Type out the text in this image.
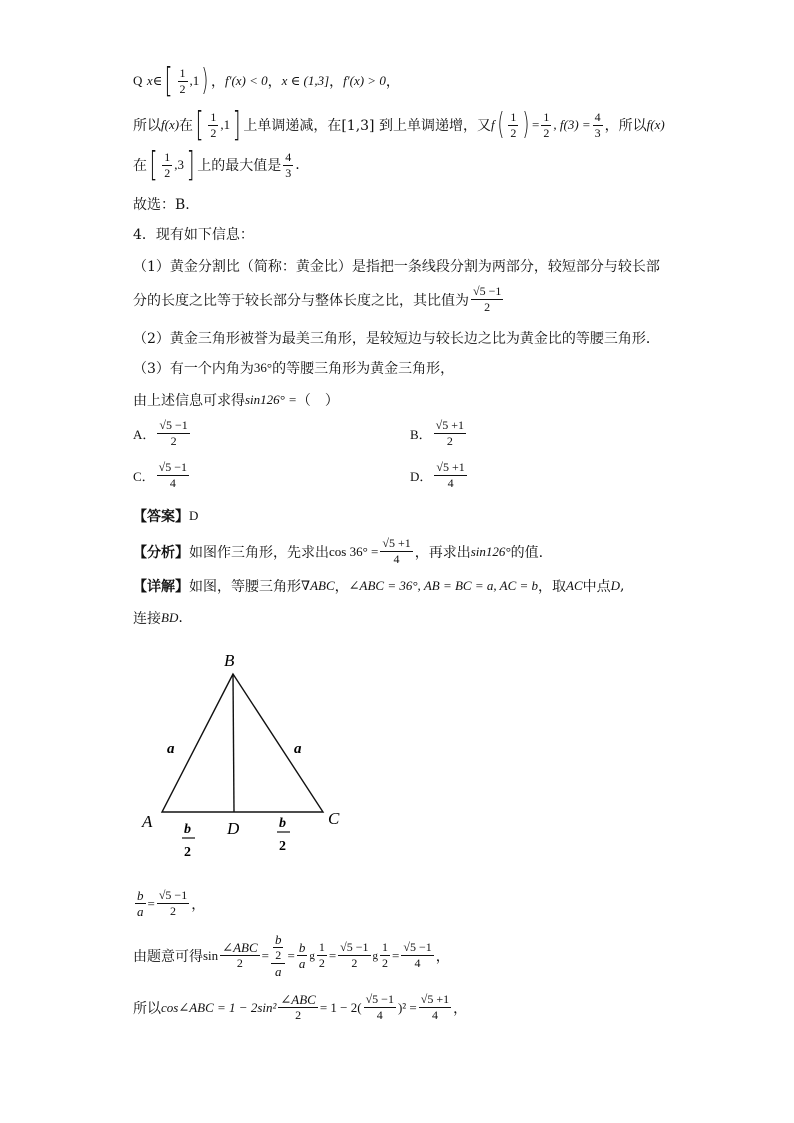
Q
x ∈ [ $\frac{1}{2} ,1$ ) ， f′(x) < 0 ， x ∈ (1,3] ， f′(x) > 0 ，
所以 f(x) 在 [ $\frac{1}{2} ,1$ ] 上单调递减，在[1,3] 到上单调递增，又 f ( $\frac{1}{2}$ ) = $\frac{1}{2}$ , $f(3) = \frac{4}{3}$ ，所以 f(x)
在 [ $\frac{1}{2} ,3$ ] 上的最大值是 $\frac{4}{3}$ .
故选：B.
4．现有如下信息：
（1）黄金分割比（简称：黄金比）是指把一条线段分割为两部分，较短部分与较长部
分的长度之比等于较长部分与整体长度之比，其比值为 $\frac{√5 -1}{2}$
（2）黄金三角形被誉为最美三角形，是较短边与较长边之比为黄金比的等腰三角形．
（3）有一个内角为 36° 的等腰三角形为黄金三角形，
由上述信息可求得 sin126° = （　）
A． $\frac{√5 -1}{2}$	B． $\frac{√5 +1}{2}$
C． $\frac{√5 -1}{4}$	D． $\frac{√5 +1}{4}$
【答案】 D
【分析】 如图作三角形，先求出 $\cos 36^\circ = \frac{√5 +1}{4}$ ，再求出 sin126° 的值.
【详解】 如图，等腰三角形 ∇ABC ， ∠ABC = 36°, AB = BC = a, AC = b ，取 AC 中点 D ,
连接 BD .
B
A	C
D
a	a
b
2
b
2
$\frac{b}{a} = \frac{√5 -1}{2}$ ，
由题意可得 $\sin \frac{\text{∠ABC}}{2} = b$
2
$a = \frac{b}{a}$ g $\frac{1}{2} = \frac{√5 -1}{2}$ g $\frac{1}{2} = \frac{√5 -1}{4}$ ，
所以 cos∠ABC = $1 - 2\sin^2 \frac{\text{∠ABC}}{2} = 1 - 2( \frac{√5 -1}{4} )^2 = \frac{√5 +1}{4}$ ，
